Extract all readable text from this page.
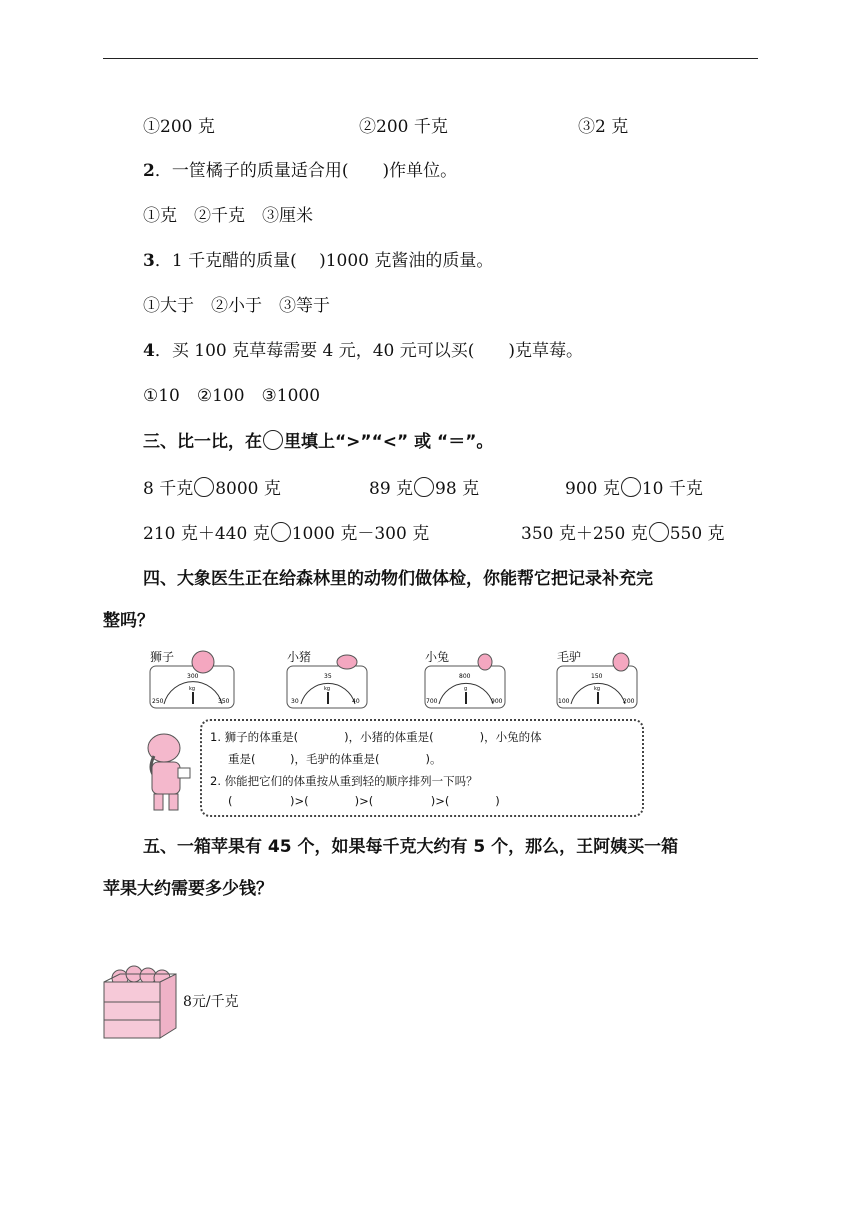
①200 克	②200 千克	③2 克
2．一筐橘子的质量适合用(　　)作单位。
①克　②千克　③厘米
3．1 千克醋的质量(　 )1000 克酱油的质量。
①大于　②小于　③等于
4．买 100 克草莓需要 4 元，40 元可以买(　　)克草莓。
①10　②100　③1000
三、比一比，在 里填上“>”“<” 或 “＝”。
8 千克 8000 克	89 克 98 克	900 克 10 千克
210 克＋440 克 1000 克－300 克	350 克＋250 克 550 克
四、大象医生正在给森林里的动物们做体检，你能帮它把记录补充完
整吗？
狮子
250
300
350
kg
小猪
30
35
40
kg
小兔
700
800
900
g
毛驴
100
150
200
kg
1. 狮子的体重是(　　　　)，小猪的体重是(　　　　)，小兔的体
重是(　　　)，毛驴的体重是(　　　　)。
2. 你能把它们的体重按从重到轻的顺序排列一下吗？
(　　　　　)>(　　　　)>(　　　　　)>(　　　　)
五、一箱苹果有 45 个，如果每千克大约有 5 个，那么，王阿姨买一箱
苹果大约需要多少钱？
8元/千克
